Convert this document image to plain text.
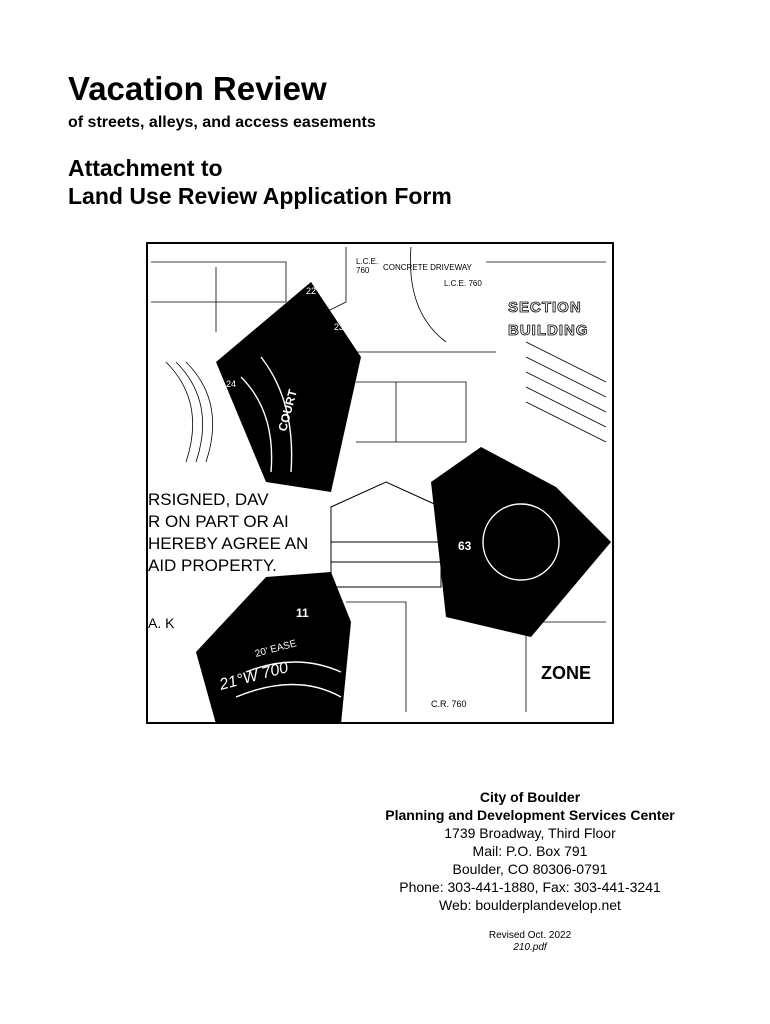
Vacation Review

of streets, alleys, and access easements

Attachment to
Land Use Review Application Form
RSIGNED, DAV
R ON PART OR AI
HEREBY AGREE AN
AID PROPERTY.
A. K
L.C.E.
760 CONCRETE DRIVEWAY
L.C.E. 760
SECTION
BUILDING
ZONE
C.R. 760
22
23
24
COURT
63
11
20' EASE
21°W 700
City of Boulder
Planning and Development Services Center
1739 Broadway, Third Floor
Mail: P.O. Box 791
Boulder, CO 80306-0791
Phone: 303-441-1880, Fax: 303-441-3241
Web: boulderplandevelop.net
Revised Oct. 2022
210.pdf
